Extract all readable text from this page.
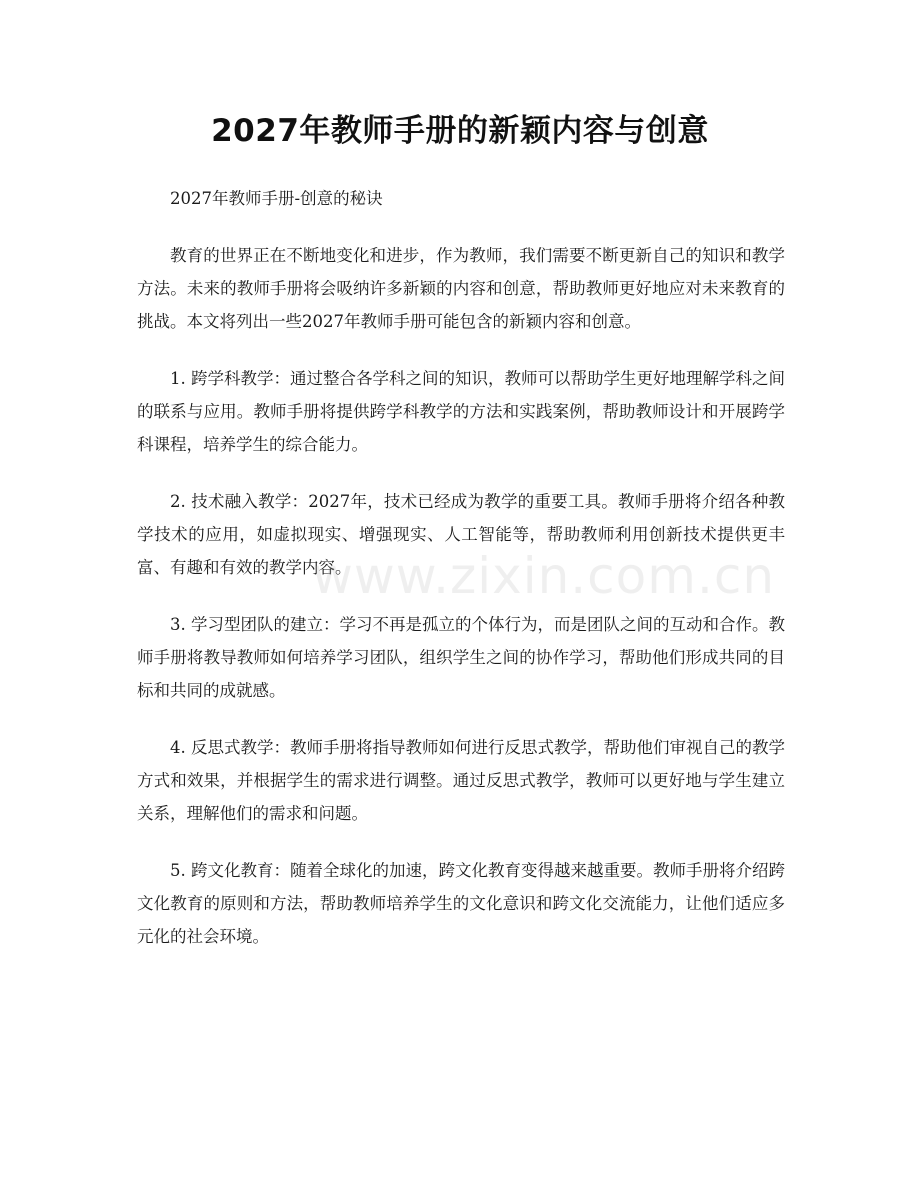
2027年教师手册的新颖内容与创意

2027年教师手册-创意的秘诀

教育的世界正在不断地变化和进步，作为教师，我们需要不断更新自己的知识和教学方法。未来的教师手册将会吸纳许多新颖的内容和创意，帮助教师更好地应对未来教育的挑战。本文将列出一些2027年教师手册可能包含的新颖内容和创意。

1. 跨学科教学：通过整合各学科之间的知识，教师可以帮助学生更好地理解学科之间的联系与应用。教师手册将提供跨学科教学的方法和实践案例，帮助教师设计和开展跨学科课程，培养学生的综合能力。

2. 技术融入教学：2027年，技术已经成为教学的重要工具。教师手册将介绍各种教学技术的应用，如虚拟现实、增强现实、人工智能等，帮助教师利用创新技术提供更丰富、有趣和有效的教学内容。

3. 学习型团队的建立：学习不再是孤立的个体行为，而是团队之间的互动和合作。教师手册将教导教师如何培养学习团队，组织学生之间的协作学习，帮助他们形成共同的目标和共同的成就感。

4. 反思式教学：教师手册将指导教师如何进行反思式教学，帮助他们审视自己的教学方式和效果，并根据学生的需求进行调整。通过反思式教学，教师可以更好地与学生建立关系，理解他们的需求和问题。

5. 跨文化教育：随着全球化的加速，跨文化教育变得越来越重要。教师手册将介绍跨文化教育的原则和方法，帮助教师培养学生的文化意识和跨文化交流能力，让他们适应多元化的社会环境。

www.zixin.com.cn
